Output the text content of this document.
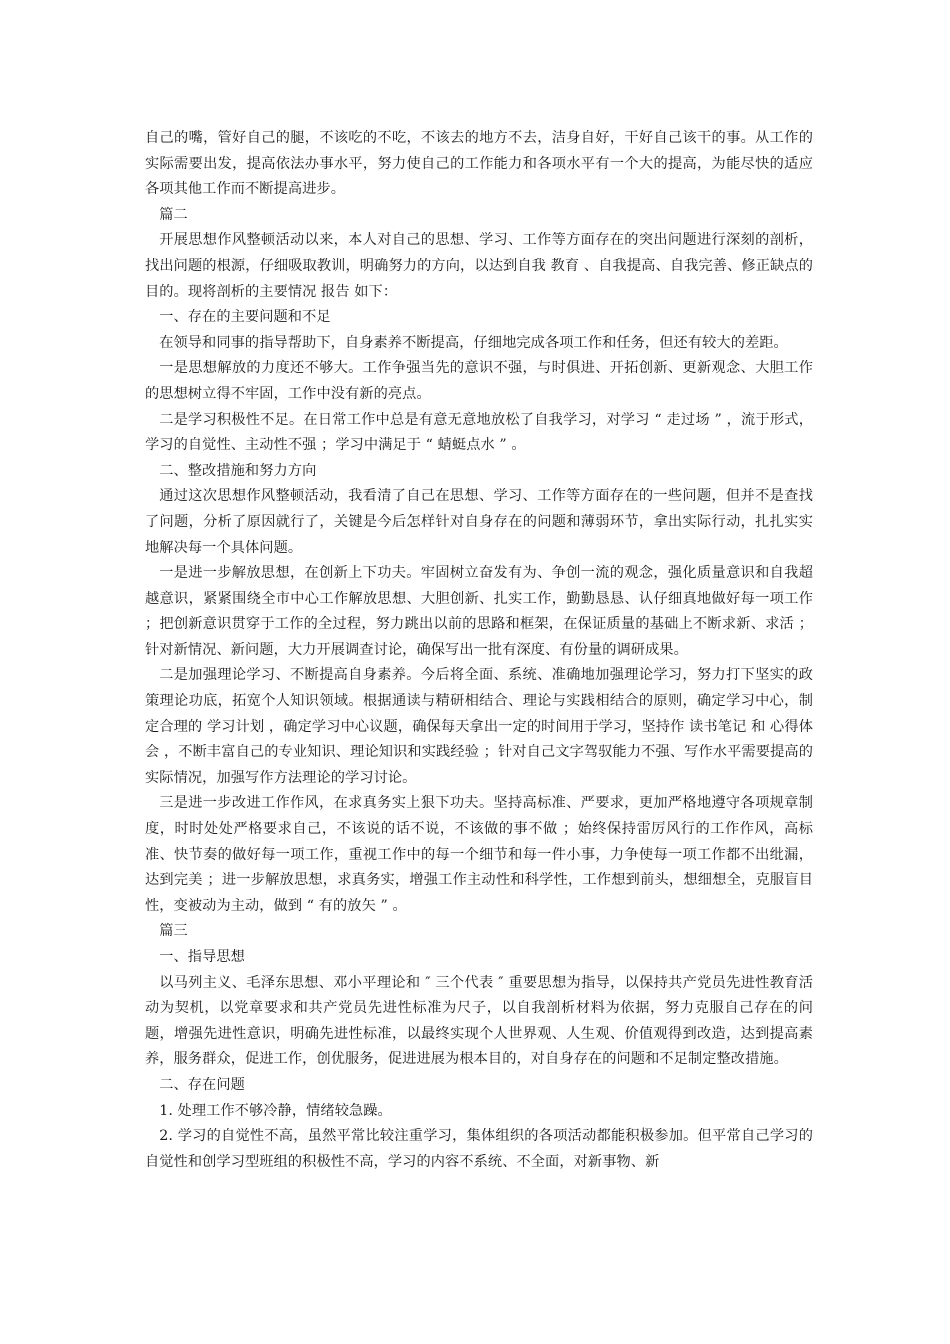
自己的嘴，管好自己的腿，不该吃的不吃，不该去的地方不去，洁身自好，干好自己该干的事。从工作的实际需要出发，提高依法办事水平，努力使自己的工作能力和各项水平有一个大的提高，为能尽快的适应各项其他工作而不断提高进步。

篇二

开展思想作风整顿活动以来，本人对自己的思想、学习、工作等方面存在的突出问题进行深刻的剖析，找出问题的根源，仔细吸取教训，明确努力的方向，以达到自我 教育 、自我提高、自我完善、修正缺点的目的。现将剖析的主要情况 报告 如下：

一、存在的主要问题和不足

在领导和同事的指导帮助下，自身素养不断提高，仔细地完成各项工作和任务，但还有较大的差距。

一是思想解放的力度还不够大。工作争强当先的意识不强，与时俱进、开拓创新、更新观念、大胆工作的思想树立得不牢固，工作中没有新的亮点。

二是学习积极性不足。在日常工作中总是有意无意地放松了自我学习，对学习 “ 走过场 ” ，流于形式，学习的自觉性、主动性不强 ；学习中满足于 “ 蜻蜓点水 ” 。

二、整改措施和努力方向

通过这次思想作风整顿活动，我看清了自己在思想、学习、工作等方面存在的一些问题，但并不是查找了问题，分析了原因就行了，关键是今后怎样针对自身存在的问题和薄弱环节，拿出实际行动，扎扎实实地解决每一个具体问题。

一是进一步解放思想，在创新上下功夫。牢固树立奋发有为、争创一流的观念，强化质量意识和自我超越意识，紧紧围绕全市中心工作解放思想、大胆创新、扎实工作，勤勤恳恳、认仔细真地做好每一项工作 ；把创新意识贯穿于工作的全过程，努力跳出以前的思路和框架，在保证质量的基础上不断求新、求活 ；针对新情况、新问题，大力开展调查讨论，确保写出一批有深度、有份量的调研成果。

二是加强理论学习、不断提高自身素养。今后将全面、系统、准确地加强理论学习，努力打下坚实的政策理论功底，拓宽个人知识领域。根据通读与精研相结合、理论与实践相结合的原则，确定学习中心，制定合理的 学习计划 ，确定学习中心议题，确保每天拿出一定的时间用于学习，坚持作 读书笔记 和 心得体会 ，不断丰富自己的专业知识、理论知识和实践经验 ；针对自己文字驾驭能力不强、写作水平需要提高的实际情况，加强写作方法理论的学习讨论。

三是进一步改进工作作风，在求真务实上狠下功夫。坚持高标准、严要求，更加严格地遵守各项规章制度，时时处处严格要求自己，不该说的话不说，不该做的事不做 ；始终保持雷厉风行的工作作风，高标准、快节奏的做好每一项工作，重视工作中的每一个细节和每一件小事，力争使每一项工作都不出纰漏，达到完美 ；进一步解放思想，求真务实，增强工作主动性和科学性，工作想到前头，想细想全，克服盲目性，变被动为主动，做到 “ 有的放矢 ” 。

篇三

一、指导思想

以马列主义、毛泽东思想、邓小平理论和 ″ 三个代表 ″ 重要思想为指导，以保持共产党员先进性教育活动为契机，以党章要求和共产党员先进性标准为尺子，以自我剖析材料为依据，努力克服自己存在的问题，增强先进性意识，明确先进性标准，以最终实现个人世界观、人生观、价值观得到改造，达到提高素养，服务群众，促进工作，创优服务，促进进展为根本目的，对自身存在的问题和不足制定整改措施。

二、存在问题

1. 处理工作不够冷静，情绪较急躁。

2. 学习的自觉性不高，虽然平常比较注重学习，集体组织的各项活动都能积极参加。但平常自己学习的自觉性和创学习型班组的积极性不高，学习的内容不系统、不全面，对新事物、新
